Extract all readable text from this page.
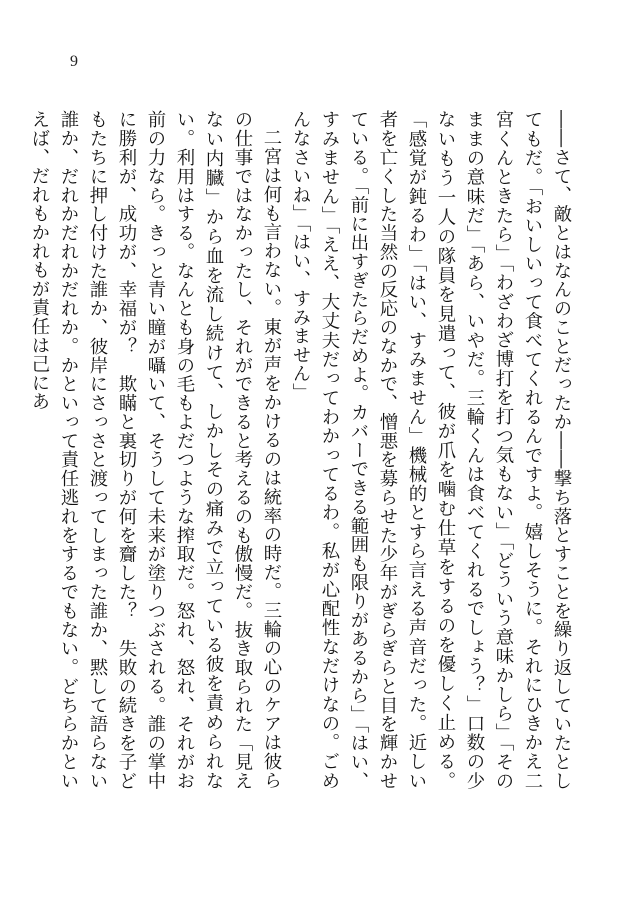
9

――さて、敵とはなんのことだったか――撃ち落とすことを繰り返していたとしてもだ。「おいしいって食べてくれるんですよ。嬉しそうに。それにひきかえ二宮くんときたら」「わざわざ博打を打つ気もない」「どういう意味かしら」「そのままの意味だ」「あら、いやだ。三輪くんは食べてくれるでしょう？」口数の少ないもう一人の隊員を見遣って、彼が爪を噛む仕草をするのを優しく止める。「感覚が鈍るわ」「はい、すみません」機械的とすら言える声音だった。近しい者を亡くした当然の反応のなかで、憎悪を募らせた少年がぎらぎらと目を輝かせている。「前に出すぎたらだめよ。カバーできる範囲も限りがあるから」「はい、すみません」「ええ、大丈夫だってわかってるわ。私が心配性なだけなの。ごめんなさいね」「はい、すみません」

二宮は何も言わない。東が声をかけるのは統率の時だ。三輪の心のケアは彼らの仕事ではなかったし、それができると考えるのも傲慢だ。抜き取られた「見えない内臓」から血を流し続けて、しかしその痛みで立っている彼を責められない。利用はする。なんとも身の毛もよだつような搾取だ。怒れ、怒れ、それがお前の力なら。きっと青い瞳が囁いて、そうして未来が塗りつぶされる。誰の掌中に勝利が、成功が、幸福が？　欺瞞と裏切りが何を齎した？　失敗の続きを子どもたちに押し付けた誰か、彼岸にさっさと渡ってしまった誰か、黙して語らない誰か、だれかだれかだれか。かといって責任逃れをするでもない。どちらかといえば、だれもかれもが責任は己にあ
